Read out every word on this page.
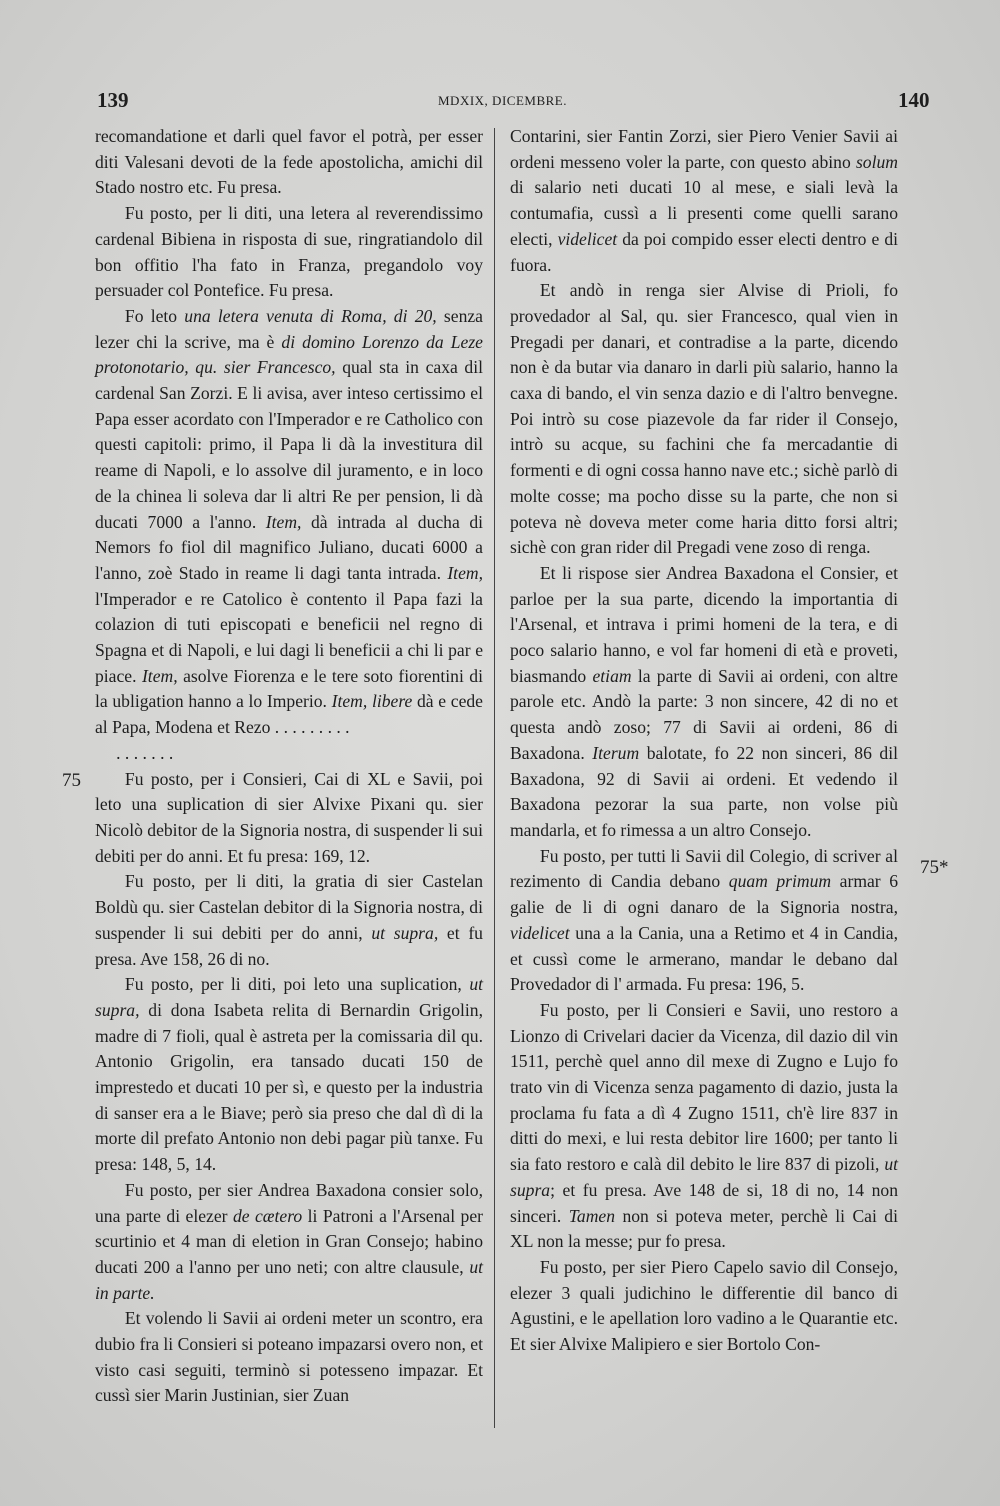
139	MDXIX, DICEMBRE.	140
75
75*

recomandatione et darli quel favor el potrà, per esser diti Valesani devoti de la fede apostolicha, amichi dil Stado nostro etc. Fu presa.

Fu posto, per li diti, una letera al reverendissimo cardenal Bibiena in risposta di sue, ringratiandolo dil bon offitio l'ha fato in Franza, pregandolo voy persuader col Pontefice. Fu presa.

Fo leto una letera venuta di Roma, di 20, senza lezer chi la scrive, ma è di domino Lorenzo da Leze protonotario, qu. sier Francesco, qual sta in caxa dil cardenal San Zorzi. E li avisa, aver inteso certissimo el Papa esser acordato con l'Imperador e re Catholico con questi capitoli: primo, il Papa li dà la investitura dil reame di Napoli, e lo assolve dil juramento, e in loco de la chinea li soleva dar li altri Re per pension, li dà ducati 7000 a l'anno. Item, dà intrada al ducha di Nemors fo fiol dil magnifico Juliano, ducati 6000 a l'anno, zoè Stado in reame li dagi tanta intrada. Item, l'Imperador e re Catolico è contento il Papa fazi la colazion di tuti episcopati e beneficii nel regno di Spagna et di Napoli, e lui dagi li beneficii a chi li par e piace. Item, asolve Fiorenza e le tere soto fiorentini di la ubligation hanno a lo Imperio. Item, libere dà e cede al Papa, Modena et Rezo . . . . . . . . .

. . . . . . .

Fu posto, per i Consieri, Cai di XL e Savii, poi leto una suplication di sier Alvixe Pixani qu. sier Nicolò debitor de la Signoria nostra, di suspender li sui debiti per do anni. Et fu presa: 169, 12.

Fu posto, per li diti, la gratia di sier Castelan Boldù qu. sier Castelan debitor di la Signoria nostra, di suspender li sui debiti per do anni, ut supra, et fu presa. Ave 158, 26 di no.

Fu posto, per li diti, poi leto una suplication, ut supra, di dona Isabeta relita di Bernardin Grigolin, madre di 7 fioli, qual è astreta per la comissaria dil qu. Antonio Grigolin, era tansado ducati 150 de imprestedo et ducati 10 per sì, e questo per la industria di sanser era a le Biave; però sia preso che dal dì di la morte dil prefato Antonio non debi pagar più tanxe. Fu presa: 148, 5, 14.

Fu posto, per sier Andrea Baxadona consier solo, una parte di elezer de cætero li Patroni a l'Arsenal per scurtinio et 4 man di eletion in Gran Consejo; habino ducati 200 a l'anno per uno neti; con altre clausule, ut in parte.

Et volendo li Savii ai ordeni meter un scontro, era dubio fra li Consieri si poteano impazarsi overo non, et visto casi seguiti, terminò si potesseno impazar. Et cussì sier Marin Justinian, sier Zuan

Contarini, sier Fantin Zorzi, sier Piero Venier Savii ai ordeni messeno voler la parte, con questo abino solum di salario neti ducati 10 al mese, e siali levà la contumafia, cussì a li presenti come quelli sarano electi, videlicet da poi compido esser electi dentro e di fuora.

Et andò in renga sier Alvise di Prioli, fo provedador al Sal, qu. sier Francesco, qual vien in Pregadi per danari, et contradise a la parte, dicendo non è da butar via danaro in darli più salario, hanno la caxa di bando, el vin senza dazio e di l'altro benvegne. Poi intrò su cose piazevole da far rider il Consejo, intrò su acque, su fachini che fa mercadantie di formenti e di ogni cossa hanno nave etc.; sichè parlò di molte cosse; ma pocho disse su la parte, che non si poteva nè doveva meter come haria ditto forsi altri; sichè con gran rider dil Pregadi vene zoso di renga.

Et li rispose sier Andrea Baxadona el Consier, et parloe per la sua parte, dicendo la importantia di l'Arsenal, et intrava i primi homeni de la tera, e di poco salario hanno, e vol far homeni di età e proveti, biasmando etiam la parte di Savii ai ordeni, con altre parole etc. Andò la parte: 3 non sincere, 42 di no et questa andò zoso; 77 di Savii ai ordeni, 86 di Baxadona. Iterum balotate, fo 22 non sinceri, 86 dil Baxadona, 92 di Savii ai ordeni. Et vedendo il Baxadona pezorar la sua parte, non volse più mandarla, et fo rimessa a un altro Consejo.

Fu posto, per tutti li Savii dil Colegio, di scriver al rezimento di Candia debano quam primum armar 6 galie de li di ogni danaro de la Signoria nostra, videlicet una a la Cania, una a Retimo et 4 in Candia, et cussì come le armerano, mandar le debano dal Provedador di l' armada. Fu presa: 196, 5.

Fu posto, per li Consieri e Savii, uno restoro a Lionzo di Crivelari dacier da Vicenza, dil dazio dil vin 1511, perchè quel anno dil mexe di Zugno e Lujo fo trato vin di Vicenza senza pagamento di dazio, justa la proclama fu fata a dì 4 Zugno 1511, ch'è lire 837 in ditti do mexi, e lui resta debitor lire 1600; per tanto li sia fato restoro e calà dil debito le lire 837 di pizoli, ut supra; et fu presa. Ave 148 de si, 18 di no, 14 non sinceri. Tamen non si poteva meter, perchè li Cai di XL non la messe; pur fo presa.

Fu posto, per sier Piero Capelo savio dil Consejo, elezer 3 quali judichino le differentie dil banco di Agustini, e le apellation loro vadino a le Quarantie etc. Et sier Alvixe Malipiero e sier Bortolo Con-
